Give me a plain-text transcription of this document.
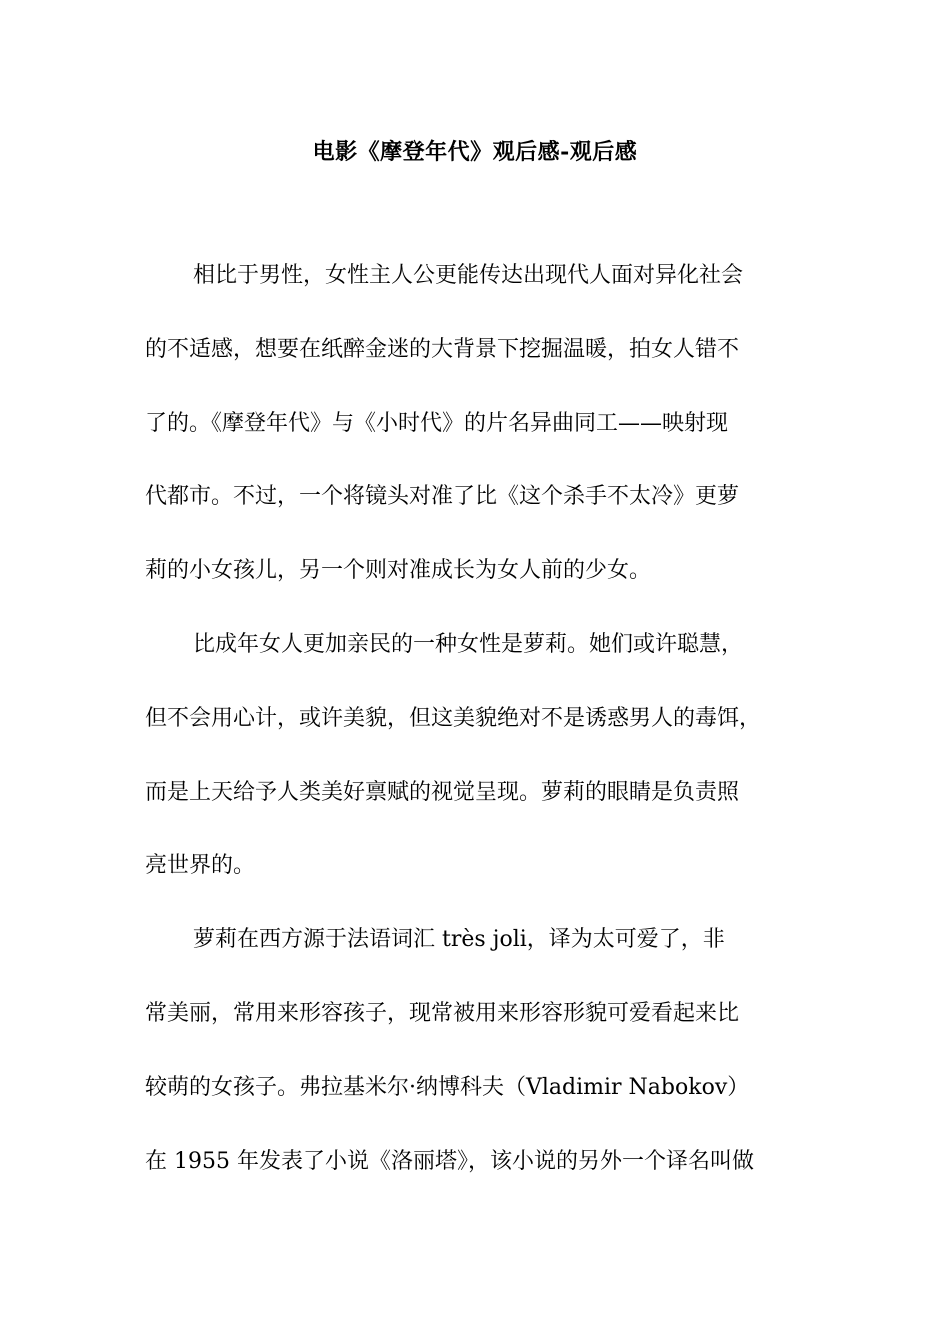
电影《摩登年代》观后感-观后感
相比于男性，女性主人公更能传达出现代人面对异化社会
的不适感，想要在纸醉金迷的大背景下挖掘温暖，拍女人错不
了的。《摩登年代》与《小时代》的片名异曲同工——映射现
代都市。不过，一个将镜头对准了比《这个杀手不太冷》更萝
莉的小女孩儿，另一个则对准成长为女人前的少女。
比成年女人更加亲民的一种女性是萝莉。她们或许聪慧，
但不会用心计，或许美貌，但这美貌绝对不是诱惑男人的毒饵，
而是上天给予人类美好禀赋的视觉呈现。萝莉的眼睛是负责照
亮世界的。
萝莉在西方源于法语词汇 très joli，译为太可爱了，非
常美丽，常用来形容孩子，现常被用来形容形貌可爱看起来比
较萌的女孩子。弗拉基米尔·纳博科夫（Vladimir Nabokov）
在 1955 年发表了小说《洛丽塔》，该小说的另外一个译名叫做
